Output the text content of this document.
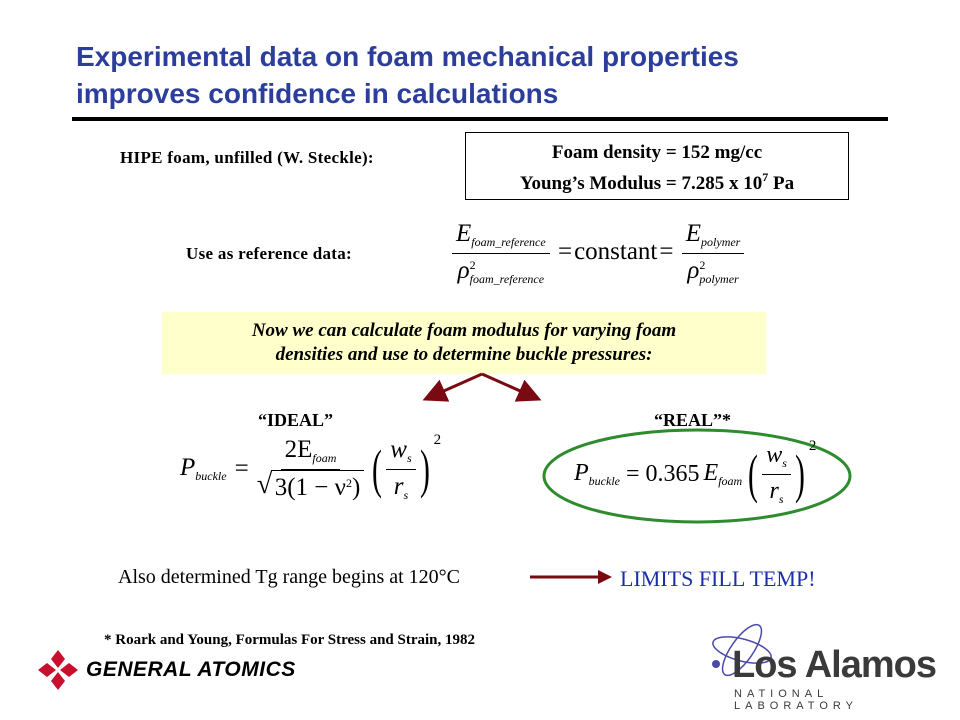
Experimental data on foam mechanical properties
improves confidence in calculations
HIPE foam, unfilled (W. Steckle):	Foam density = 152 mg/cc
Young’s Modulus = 7.285 x $10^7$ Pa
Use as reference data:	$\frac{E_{foam\_reference}}{\rho^2_{foam\_reference}}$ =constant= $\frac{E_{polymer}}{\rho^2_{polymer}}$
Now we can calculate foam modulus for varying foam
densities and use to determine buckle pressures:
“IDEAL”
$P_{buckle} = \frac{2E_{foam}}{√ 3(1 - \nu^2)}$ ( $\frac{w_s}{r_s}$ ) 2
“REAL”*
$P_{buckle} = 0.365$ $E_{foam}$ ( $\frac{w_s}{r_s}$ ) 2
Also determined Tg range begins at 120°C	LIMITS FILL TEMP!
* Roark and Young, Formulas For Stress and Strain, 1982
GENERAL ATOMICS	Los Alamos
NATIONAL LABORATORY
